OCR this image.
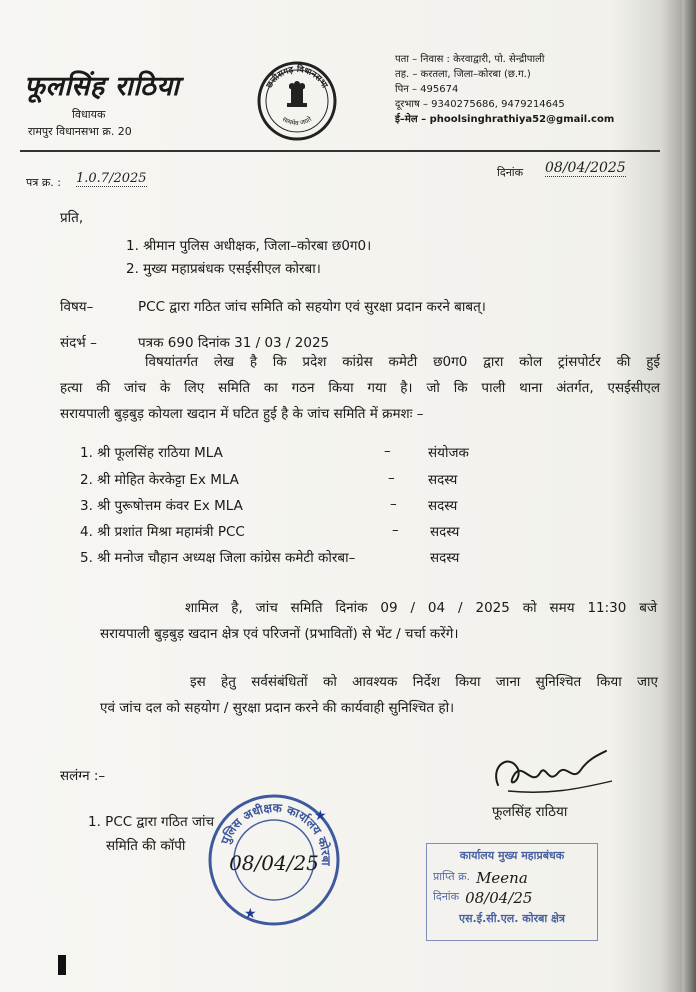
फूलसिंह राठिया
विधायक
रामपुर विधानसभा क्र. 20
छत्तीसगढ़ विधानसभा
सत्यमेव जयते
पता – निवास : केरवाद्वारी, पो. सेन्द्रीपाली
तह. – करतला, जिला–कोरबा (छ.ग.)
पिन – 495674
दूरभाष – 9340275686, 9479214645
ई–मेल – phoolsinghrathiya52@gmail.com
पत्र क्र. : 1.0.7/2025	दिनांक 08/04/2025
प्रति,
1. श्रीमान पुलिस अधीक्षक, जिला–कोरबा छ0ग0।
2. मुख्य महाप्रबंधक एसईसीएल कोरबा।
विषय–	PCC द्वारा गठित जांच समिति को सहयोग एवं सुरक्षा प्रदान करने बाबत्।
संदर्भ –	पत्रक 690 दिनांक 31 / 03 / 2025
विषयांतर्गत लेख है कि प्रदेश कांग्रेस कमेटी छ0ग0 द्वारा कोल ट्रांसपोर्टर की हुई
हत्या की जांच के लिए समिति का गठन किया गया है। जो कि पाली थाना अंतर्गत, एसईसीएल
सरायपाली बुड़बुड़ कोयला खदान में घटित हुई है के जांच समिति में क्रमशः –
1. श्री फूलसिंह राठिया MLA	–	संयोजक
2. श्री मोहित केरकेट्टा Ex MLA	– सदस्य
3. श्री पुरूषोत्तम कंवर Ex MLA	– सदस्य
4. श्री प्रशांत मिश्रा महामंत्री PCC	– सदस्य
5. श्री मनोज चौहान अध्यक्ष जिला कांग्रेस कमेटी कोरबा–	सदस्य
शामिल है, जांच समिति दिनांक 09 / 04 / 2025 को समय 11:30 बजे
सरायपाली बुड़बुड़ खदान क्षेत्र एवं परिजनों (प्रभावितों) से भेंट / चर्चा करेंगे।
इस हेतु सर्वसंबंधितों को आवश्यक निर्देश किया जाना सुनिश्चित किया जाए
एवं जांच दल को सहयोग / सुरक्षा प्रदान करने की कार्यवाही सुनिश्चित हो।
सलंग्न :–
1. PCC द्वारा गठित जांच
समिति की कॉपी
Paul
फूलसिंह राठिया
पुलिस अधीक्षक कार्यालय कोरबा
★
★
08/04/25	कार्यालय मुख्य महाप्रबंधक
प्राप्ति क्र. Meena
दिनांक 08/04/25
एस.ई.सी.एल. कोरबा क्षेत्र
